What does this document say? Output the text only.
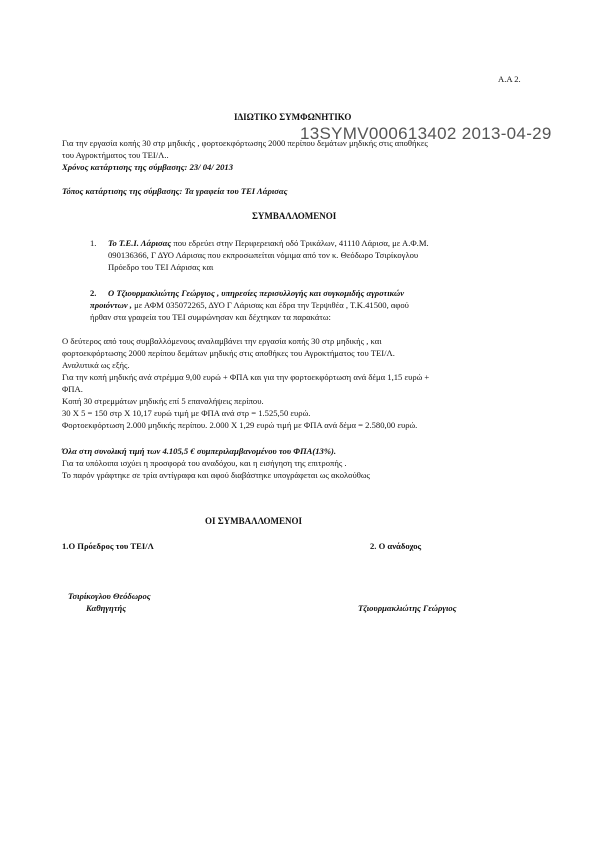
Α.Α 2.
ΙΔΙΩΤΙΚΟ ΣΥΜΦΩΝΗΤΙΚΟ
Για την εργασία κοπής 30 στρ μηδικής , φορτοεκφόρτωσης 2000 περίπου δεμάτων μηδικής στις αποθήκες
13SYMV000613402 2013-04-29
του Αγροκτήματος του ΤΕΙ/Λ..
Χρόνος κατάρτισης της σύμβασης: 23/ 04/ 2013
Τόπος κατάρτισης της σύμβασης: Τα γραφεία του ΤΕΙ Λάρισας
ΣΥΜΒΑΛΛΟΜΕΝΟΙ
1. Το Τ.Ε.Ι. Λάρισας που εδρεύει στην Περιφερειακή οδό Τρικάλων, 41110 Λάρισα, με Α.Φ.Μ.
090136366, Γ ΔΥΟ Λάρισας που εκπροσωπείται νόμιμα από τον κ. Θεόδωρο Τσιρίκογλου
Πρόεδρο του ΤΕΙ Λάρισας και
2. Ο Τζιουρμακλιώτης Γεώργιος , υπηρεσίες περισυλλογής και συγκομιδής αγροτικών
προιόντων , με ΑΦΜ 035072265, ΔΥΟ Γ Λάρισας και έδρα την Τερψιθέα , Τ.Κ.41500, αφού
ήρθαν στα γραφεία του ΤΕΙ συμφώνησαν και δέχτηκαν τα παρακάτω:
Ο δεύτερος από τους συμβαλλόμενους αναλαμβάνει την εργασία κοπής 30 στρ μηδικής , και
φορτοεκφόρτωσης 2000 περίπου δεμάτων μηδικής στις αποθήκες του Αγροκτήματος του ΤΕΙ/Λ.
Αναλυτικά ως εξής.
Για την κοπή μηδικής ανά στρέμμα 9,00 ευρώ + ΦΠΑ και για την φορτοεκφόρτωση ανά δέμα 1,15 ευρώ +
ΦΠΑ.
Κοπή 30 στρεμμάτων μηδικής επί 5 επαναλήψεις περίπου.
30 Χ 5 = 150 στρ Χ 10,17 ευρώ τιμή με ΦΠΑ ανά στρ = 1.525,50 ευρώ.
Φορτοεκφόρτωση 2.000 μηδικής περίπου. 2.000 Χ 1,29 ευρώ τιμή με ΦΠΑ ανά δέμα = 2.580,00 ευρώ.
Όλα στη συνολική τιμή των 4.105,5 € συμπεριλαμβανομένου του ΦΠΑ(13%).
Για τα υπόλοιπα ισχύει η προσφορά του αναδόχου, και η εισήγηση της επιτροπής .
Το παρόν γράφτηκε σε τρία αντίγραφα και αφού διαβάστηκε υπογράφεται ως ακολούθως
ΟΙ ΣΥΜΒΑΛΛΟΜΕΝΟΙ
1.Ο Πρόεδρος του ΤΕΙ/Λ	2. Ο ανάδοχος
Τσιρίκογλου Θεόδωρος
Καθηγητής	Τζιουρμακλιώτης Γεώργιος
